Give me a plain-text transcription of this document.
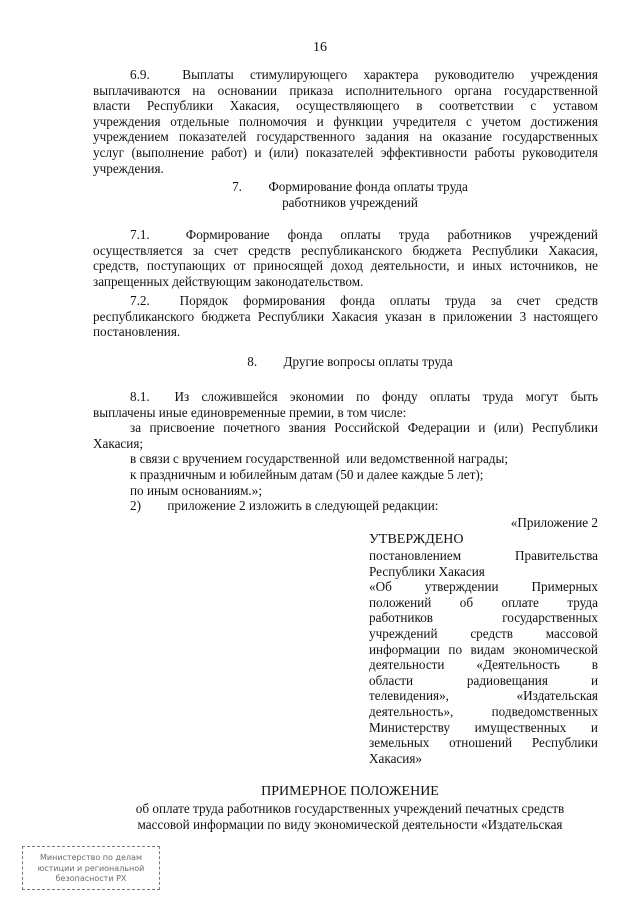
16
6.9.  Выплаты стимулирующего характера руководителю учреждения
выплачиваются на основании приказа исполнительного органа государственной
власти Республики Хакасия, осуществляющего в соответствии с уставом
учреждения отдельные полномочия и функции учредителя с учетом достижения
учреждением показателей государственного задания на оказание государственных
услуг (выполнение работ) и (или) показателей эффективности работы руководителя
учреждения.
7.        Формирование фонда оплаты труда
работников учреждений
7.1.  Формирование фонда оплаты труда работников учреждений
осуществляется за счет средств республиканского бюджета Республики Хакасия,
средств, поступающих от приносящей доход деятельности, и иных источников, не
запрещенных действующим законодательством.
7.2.  Порядок формирования фонда оплаты труда за счет средств
республиканского бюджета Республики Хакасия указан в приложении 3 настоящего
постановления.
8.        Другие вопросы оплаты труда
8.1.  Из сложившейся экономии по фонду оплаты труда могут быть
выплачены иные единовременные премии, в том числе:
за присвоение почетного звания Российской Федерации и (или) Республики
Хакасия;
в связи с вручением государственной  или ведомственной награды;
к праздничным и юбилейным датам (50 и далее каждые 5 лет);
по иным основаниям.»;
2)        приложение 2 изложить в следующей редакции:
«Приложение 2
УТВЕРЖДЕНО
постановлением     Правительства
Республики Хакасия
«Об   утверждении   Примерных
положений   об   оплате   труда
работников     государственных
учреждений   средств   массовой
информации по видам экономической
деятельности   «Деятельность   в
области     радиовещания    и
телевидения»,     «Издательская
деятельность»,   подведомственных
Министерству  имущественных  и
земельных отношений Республики
Хакасия»
ПРИМЕРНОЕ ПОЛОЖЕНИЕ
об оплате труда работников государственных учреждений печатных средств
массовой информации по виду экономической деятельности «Издательская
Министерство по делам
юстиции и региональной
безопасности РХ
